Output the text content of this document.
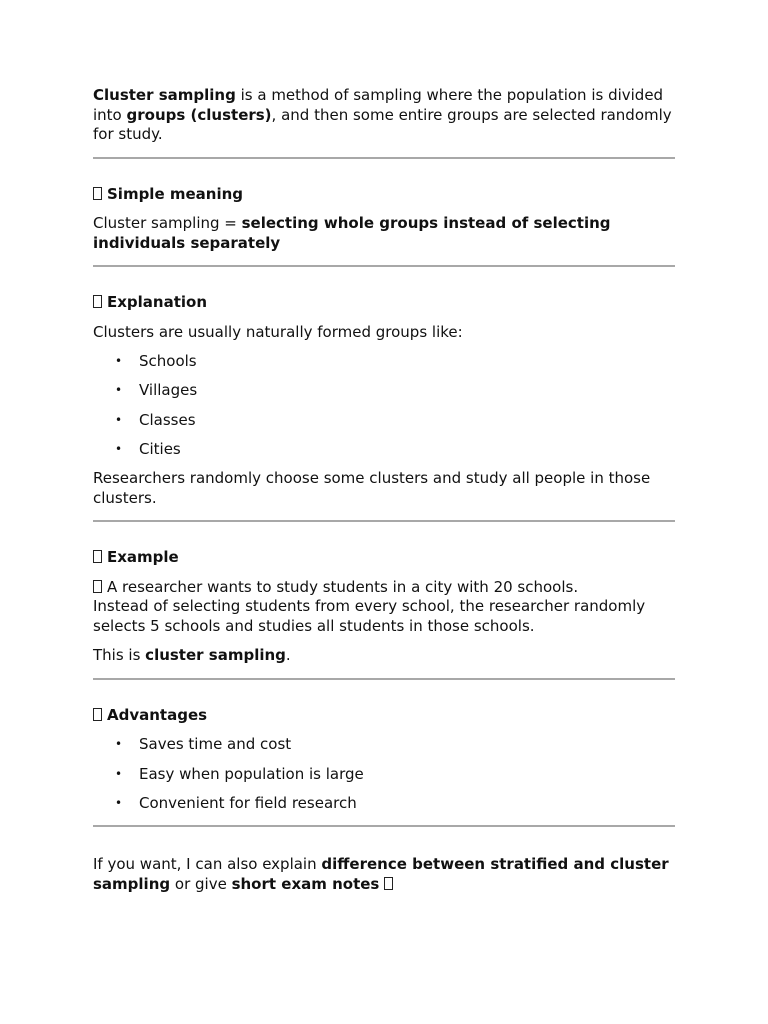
Cluster sampling is a method of sampling where the population is divided into groups (clusters), and then some entire groups are selected randomly for study.

Simple meaning

Cluster sampling = selecting whole groups instead of selecting individuals separately

Explanation

Clusters are usually naturally formed groups like:

• Schools
• Villages
• Classes
• Cities

Researchers randomly choose some clusters and study all people in those clusters.

Example

A researcher wants to study students in a city with 20 schools.
Instead of selecting students from every school, the researcher randomly selects 5 schools and studies all students in those schools.

This is cluster sampling.

Advantages

• Saves time and cost
• Easy when population is large
• Convenient for field research

If you want, I can also explain difference between stratified and cluster sampling or give short exam notes
